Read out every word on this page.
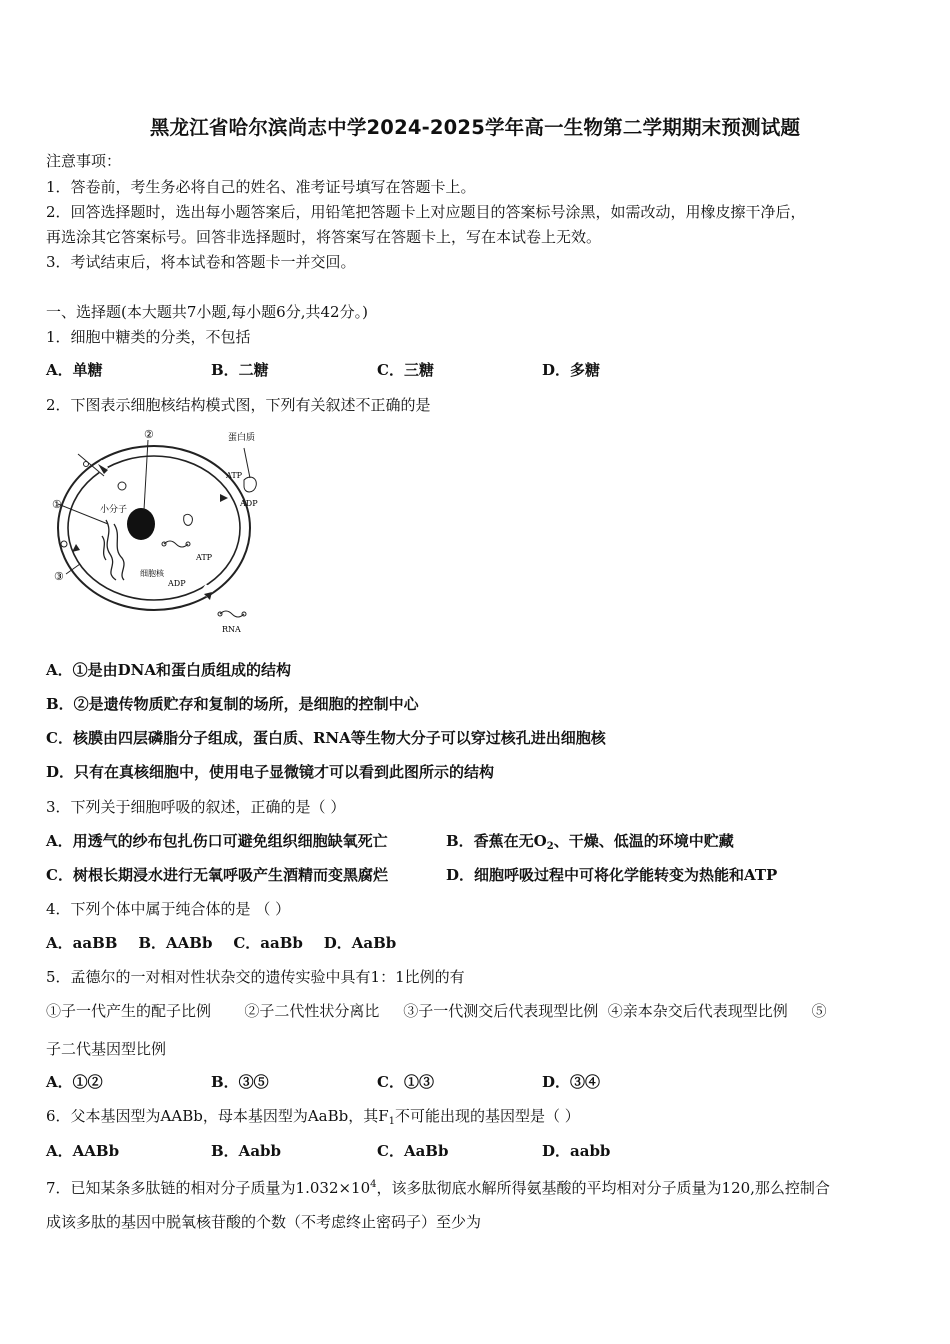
黑龙江省哈尔滨尚志中学2024-2025学年高一生物第二学期期末预测试题
注意事项：
1．答卷前，考生务必将自己的姓名、准考证号填写在答题卡上。
2．回答选择题时，选出每小题答案后，用铅笔把答题卡上对应题目的答案标号涂黑，如需改动，用橡皮擦干净后，
再选涂其它答案标号。回答非选择题时，将答案写在答题卡上，写在本试卷上无效。
3．考试结束后，将本试卷和答题卡一并交回。
一、选择题(本大题共7小题,每小题6分,共42分。)
1．细胞中糖类的分类，不包括
A．单糖	B．二糖	C．三糖	D．多糖
2．下图表示细胞核结构模式图，下列有关叙述不正确的是
①
②
③
蛋白质
ATP
ADP
小分子
ATP
ADP
细胞核
RNA
A．①是由DNA和蛋白质组成的结构
B．②是遗传物质贮存和复制的场所，是细胞的控制中心
C．核膜由四层磷脂分子组成，蛋白质、RNA等生物大分子可以穿过核孔进出细胞核
D．只有在真核细胞中，使用电子显微镜才可以看到此图所示的结构
3．下列关于细胞呼吸的叙述，正确的是（ ）
A．用透气的纱布包扎伤口可避免组织细胞缺氧死亡	B．香蕉在无$O_2$、干燥、低温的环境中贮藏
C．树根长期浸水进行无氧呼吸产生酒精而变黑腐烂	D．细胞呼吸过程中可将化学能转变为热能和ATP
4．下列个体中属于纯合体的是 （ ）
A．aaBB    B．AABb    C．aaBb    D．AaBb
5．孟德尔的一对相对性状杂交的遗传实验中具有1：1比例的有
①子一代产生的配子比例       ②子二代性状分离比     ③子一代测交后代表现型比例  ④亲本杂交后代表现型比例     ⑤
子二代基因型比例
A．①②	B．③⑤	C．①③	D．③④
6．父本基因型为AABb，母本基因型为AaBb，其$F_1$不可能出现的基因型是（ ）
A．AABb	B．Aabb	C．AaBb	D．aabb
7．已知某条多肽链的相对分子质量为$1.032\times 10^4$，该多肽彻底水解所得氨基酸的平均相对分子质量为120,那么控制合
成该多肽的基因中脱氧核苷酸的个数（不考虑终止密码子）至少为
